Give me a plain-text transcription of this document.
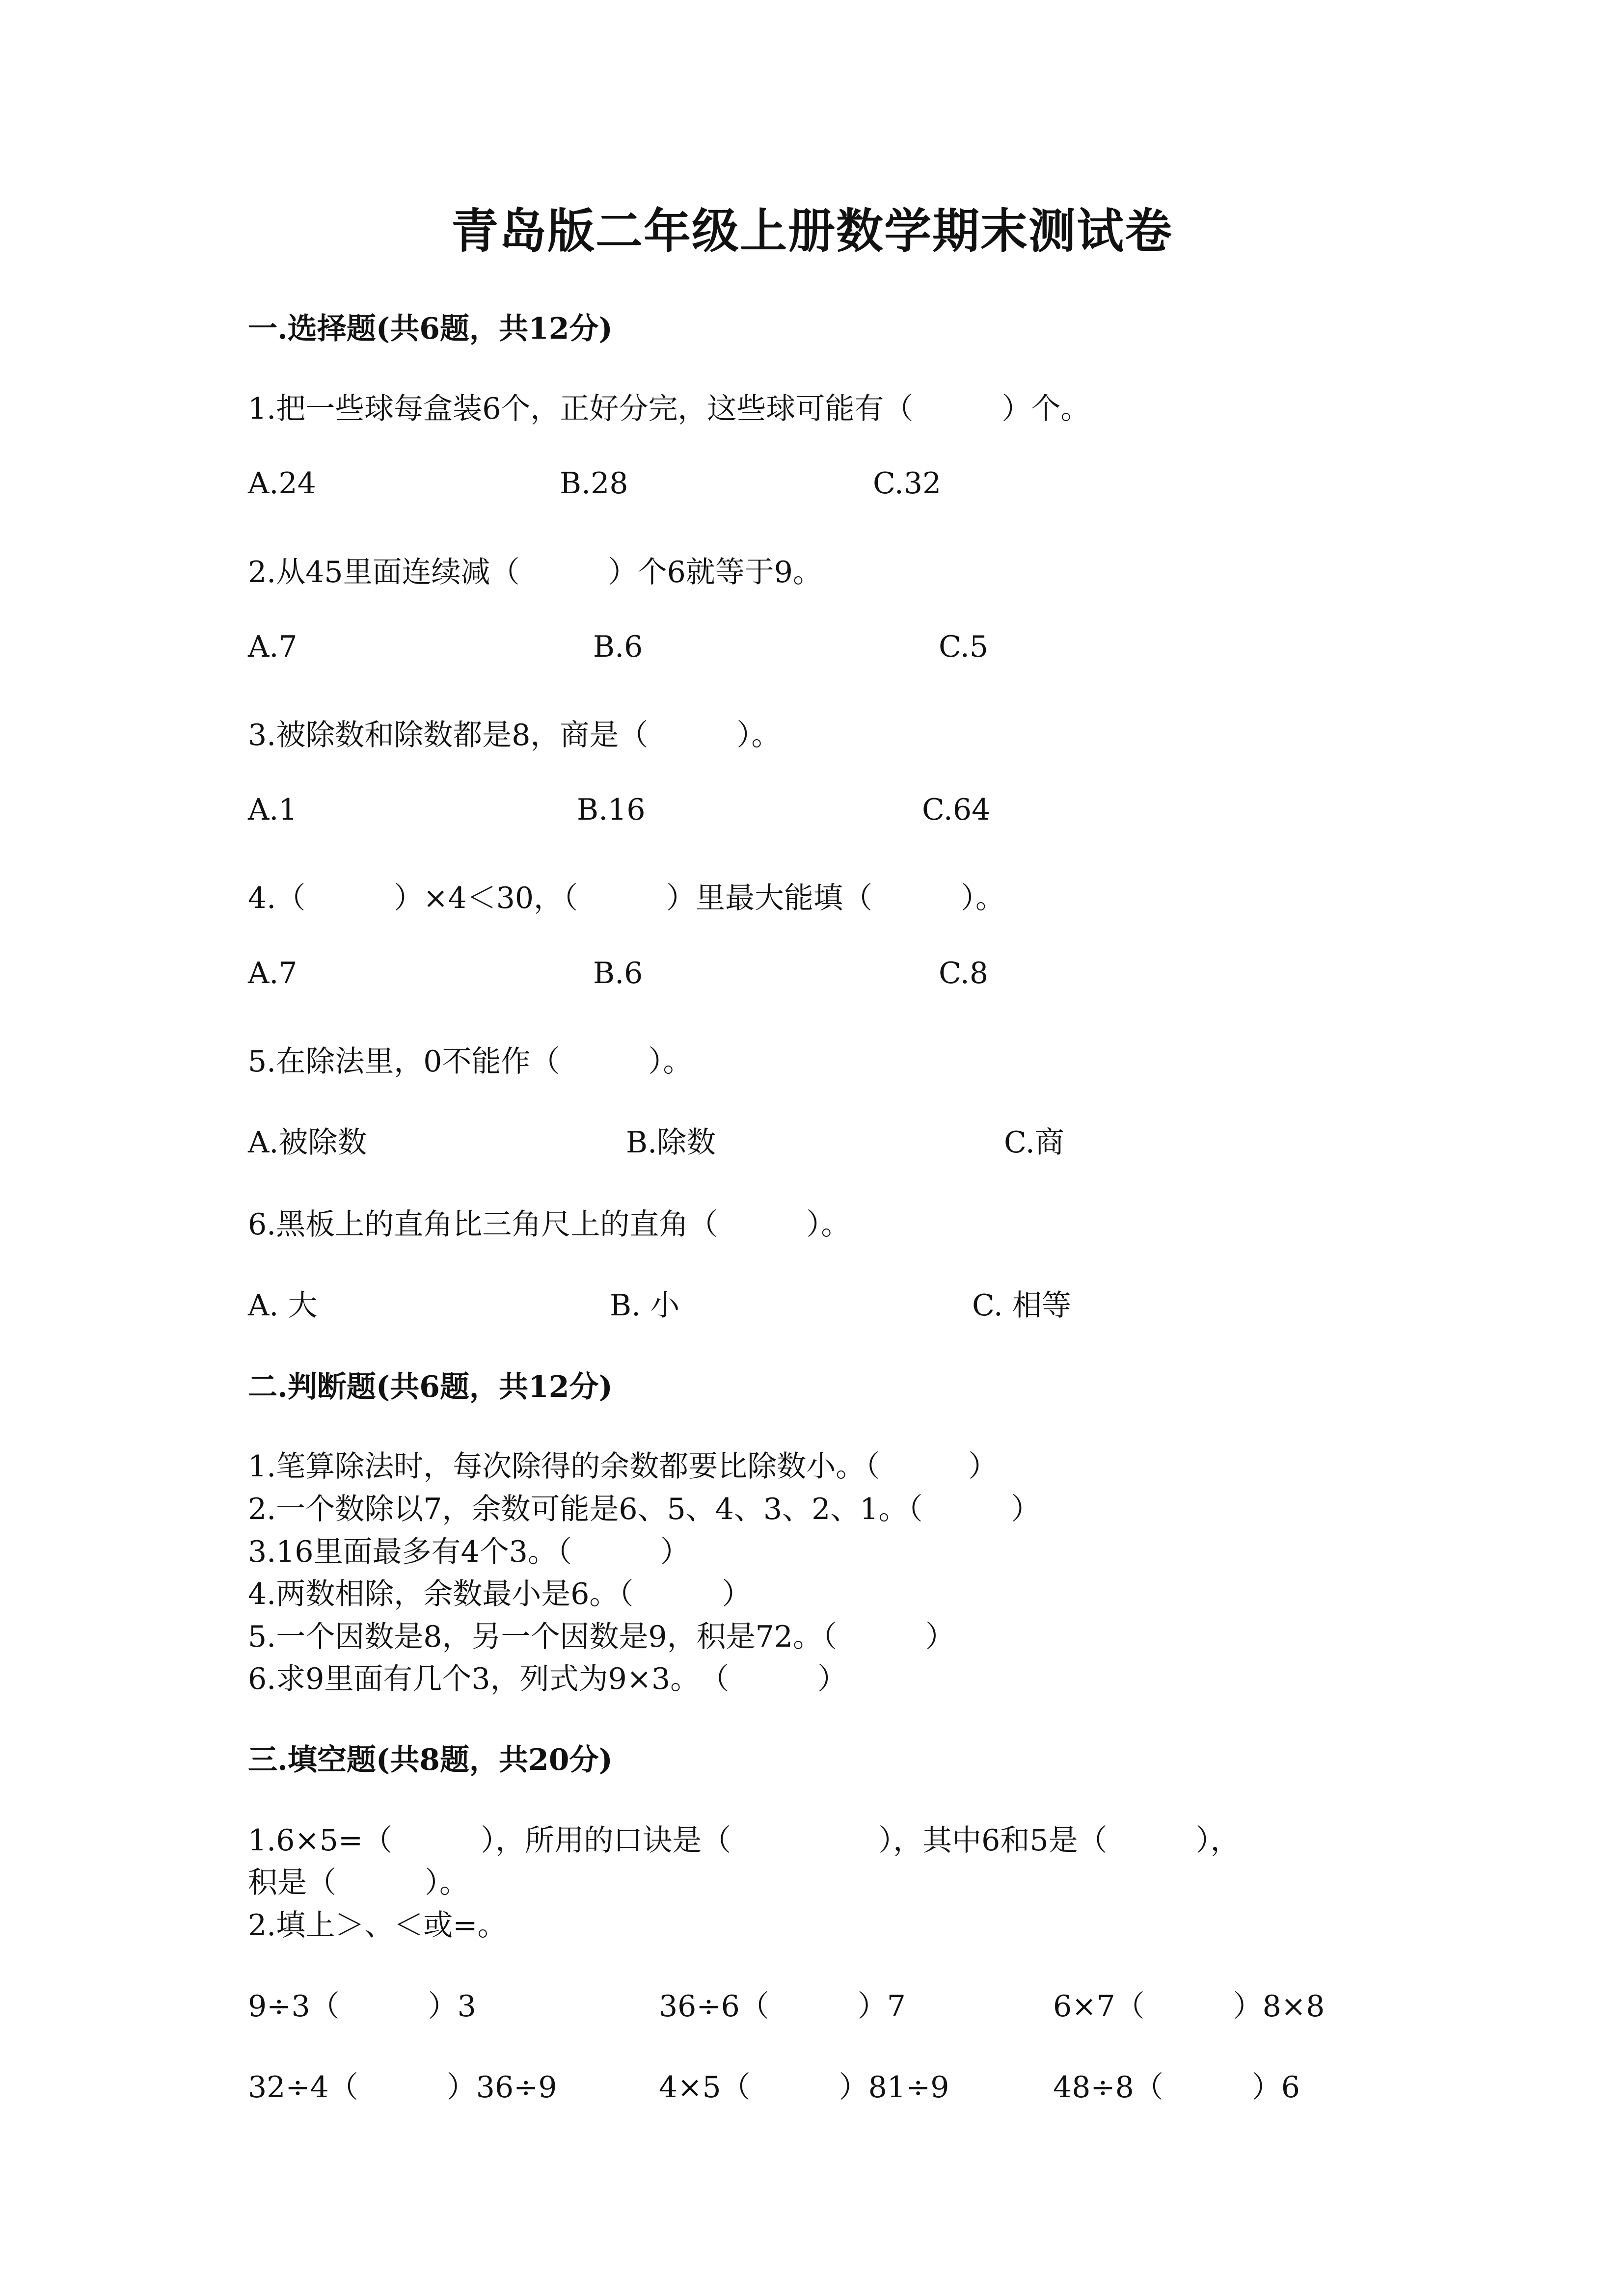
青岛版二年级上册数学期末测试卷
一.选择题(共6题，共12分)
1.把一些球每盒装6个，正好分完，这些球可能有（　　　）个。
A.24	B.28	C.32
2.从45里面连续减（　　　）个6就等于9。
A.7	B.6	C.5
3.被除数和除数都是8，商是（　　　）。
A.1	B.16	C.64
4.（　　　）×4＜30，（　　　）里最大能填（　　　）。
A.7	B.6	C.8
5.在除法里，0不能作（　　　）。
A.被除数	B.除数	C.商
6.黑板上的直角比三角尺上的直角（　　　）。
A. 大	B. 小	C. 相等
二.判断题(共6题，共12分)
1.笔算除法时，每次除得的余数都要比除数小。（　　　）
2.一个数除以7，余数可能是6、5、4、3、2、1。（　　　）
3.16里面最多有4个3。（　　　）
4.两数相除，余数最小是6。（　　　）
5.一个因数是8，另一个因数是9，积是72。（　　　）
6.求9里面有几个3，列式为9×3。　（　　　）
三.填空题(共8题，共20分)
1.6×5=（　　　），所用的口诀是（　　　　　），其中6和5是（　　　），
积是（　　　）。
2.填上＞、＜或=。
9÷3（　　　）3	36÷6（　　　）7	6×7（　　　）8×8
32÷4（　　　）36÷9	4×5（　　　）81÷9	48÷8（　　　）6
